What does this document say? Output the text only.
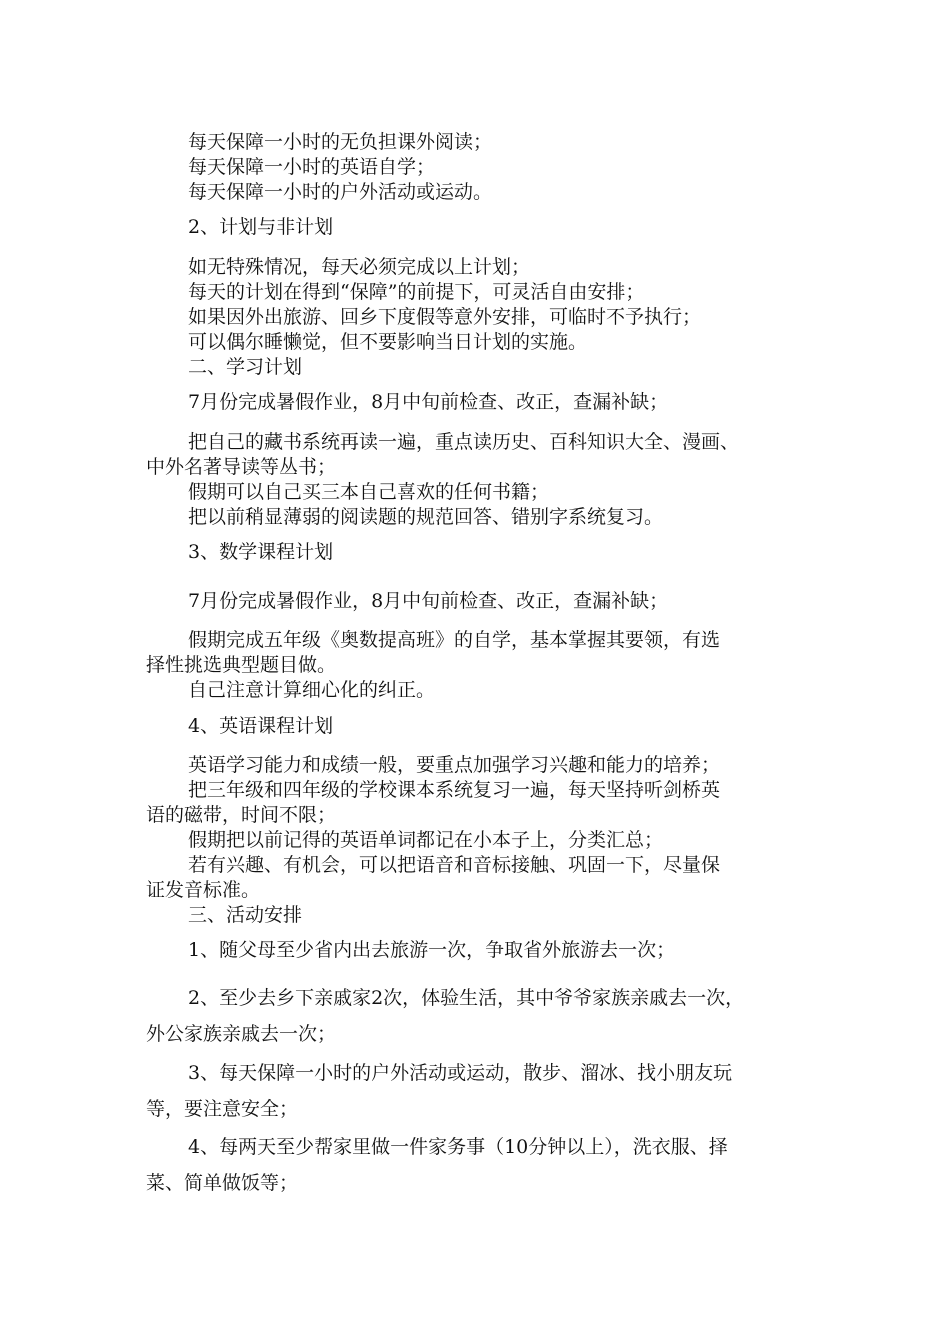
每天保障一小时的无负担课外阅读；
每天保障一小时的英语自学；
每天保障一小时的户外活动或运动。
2、计划与非计划
如无特殊情况，每天必须完成以上计划；
每天的计划在得到“保障”的前提下，可灵活自由安排；
如果因外出旅游、回乡下度假等意外安排，可临时不予执行；
可以偶尔睡懒觉，但不要影响当日计划的实施。
二、学习计划
7月份完成暑假作业，8月中旬前检查、改正，查漏补缺；
把自己的藏书系统再读一遍，重点读历史、百科知识大全、漫画、
中外名著导读等丛书；
假期可以自己买三本自己喜欢的任何书籍；
把以前稍显薄弱的阅读题的规范回答、错别字系统复习。
3、数学课程计划
7月份完成暑假作业，8月中旬前检查、改正，查漏补缺；
假期完成五年级《奥数提高班》的自学，基本掌握其要领，有选
择性挑选典型题目做。
自己注意计算细心化的纠正。
4、英语课程计划
英语学习能力和成绩一般，要重点加强学习兴趣和能力的培养；
把三年级和四年级的学校课本系统复习一遍，每天坚持听剑桥英
语的磁带，时间不限；
假期把以前记得的英语单词都记在小本子上，分类汇总；
若有兴趣、有机会，可以把语音和音标接触、巩固一下，尽量保
证发音标准。
三、活动安排
1、随父母至少省内出去旅游一次，争取省外旅游去一次；
2、至少去乡下亲戚家2次，体验生活，其中爷爷家族亲戚去一次，
外公家族亲戚去一次；
3、每天保障一小时的户外活动或运动，散步、溜冰、找小朋友玩
等，要注意安全；
4、每两天至少帮家里做一件家务事（10分钟以上），洗衣服、择
菜、简单做饭等；
